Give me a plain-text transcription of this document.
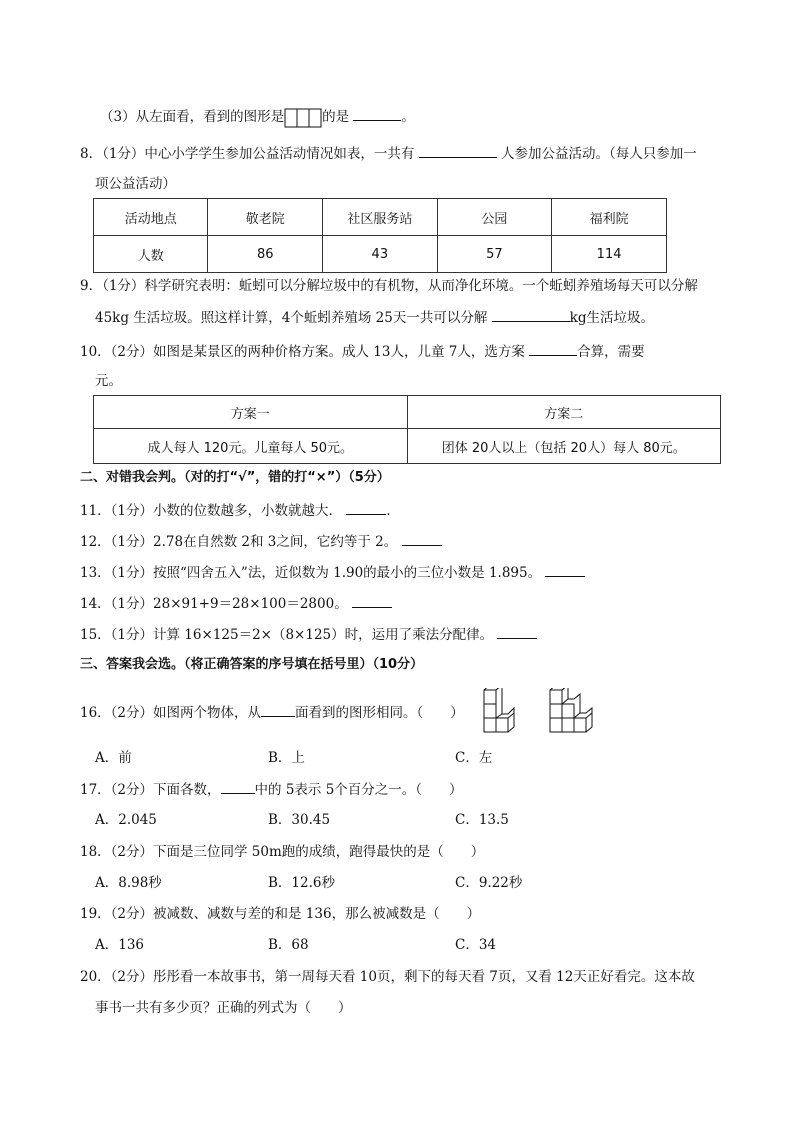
（3）从左面看，看到的图形是	的是	。
8．（1分）中心小学学生参加公益活动情况如表，一共有	人参加公益活动。（每人只参加一
项公益活动）
活动地点	敬老院	社区服务站	公园	福利院
人数	86	43	57	114
9．（1分）科学研究表明：蚯蚓可以分解垃圾中的有机物，从而净化环境。一个蚯蚓养殖场每天可以分解
45kg 生活垃圾。照这样计算，4个蚯蚓养殖场 25天一共可以分解	kg生活垃圾。
10．（2分）如图是某景区的两种价格方案。成人 13人，儿童 7人，选方案	合算，需要
元。
方案一	方案二
成人每人 120元。儿童每人 50元。	团体 20人以上（包括 20人）每人 80元。
二、对错我会判。（对的打“√”，错的打“×”）（5分）
11．（1分）小数的位数越多，小数就越大．	．
12．（1分）2.78在自然数 2和 3之间，它约等于 2。
13．（1分）按照“四舍五入”法，近似数为 1.90的最小的三位小数是 1.895。
14．（1分）28×91+9＝28×100＝2800。
15．（1分）计算 16×125＝2×（8×125）时，运用了乘法分配律。
三、答案我会选。（将正确答案的序号填在括号里）（10分）
16．（2分）如图两个物体，从	面看到的图形相同。（　　）
A．前	B．上	C．左
17．（2分）下面各数，	中的 5表示 5个百分之一。（　　）
A．2.045	B．30.45	C．13.5
18．（2分）下面是三位同学 50m跑的成绩，跑得最快的是（　　）
A．8.98秒	B．12.6秒	C．9.22秒
19．（2分）被减数、减数与差的和是 136，那么被减数是（　　）
A．136	B．68	C．34
20．（2分）彤彤看一本故事书，第一周每天看 10页，剩下的每天看 7页，又看 12天正好看完。这本故
事书一共有多少页？正确的列式为（　　）
